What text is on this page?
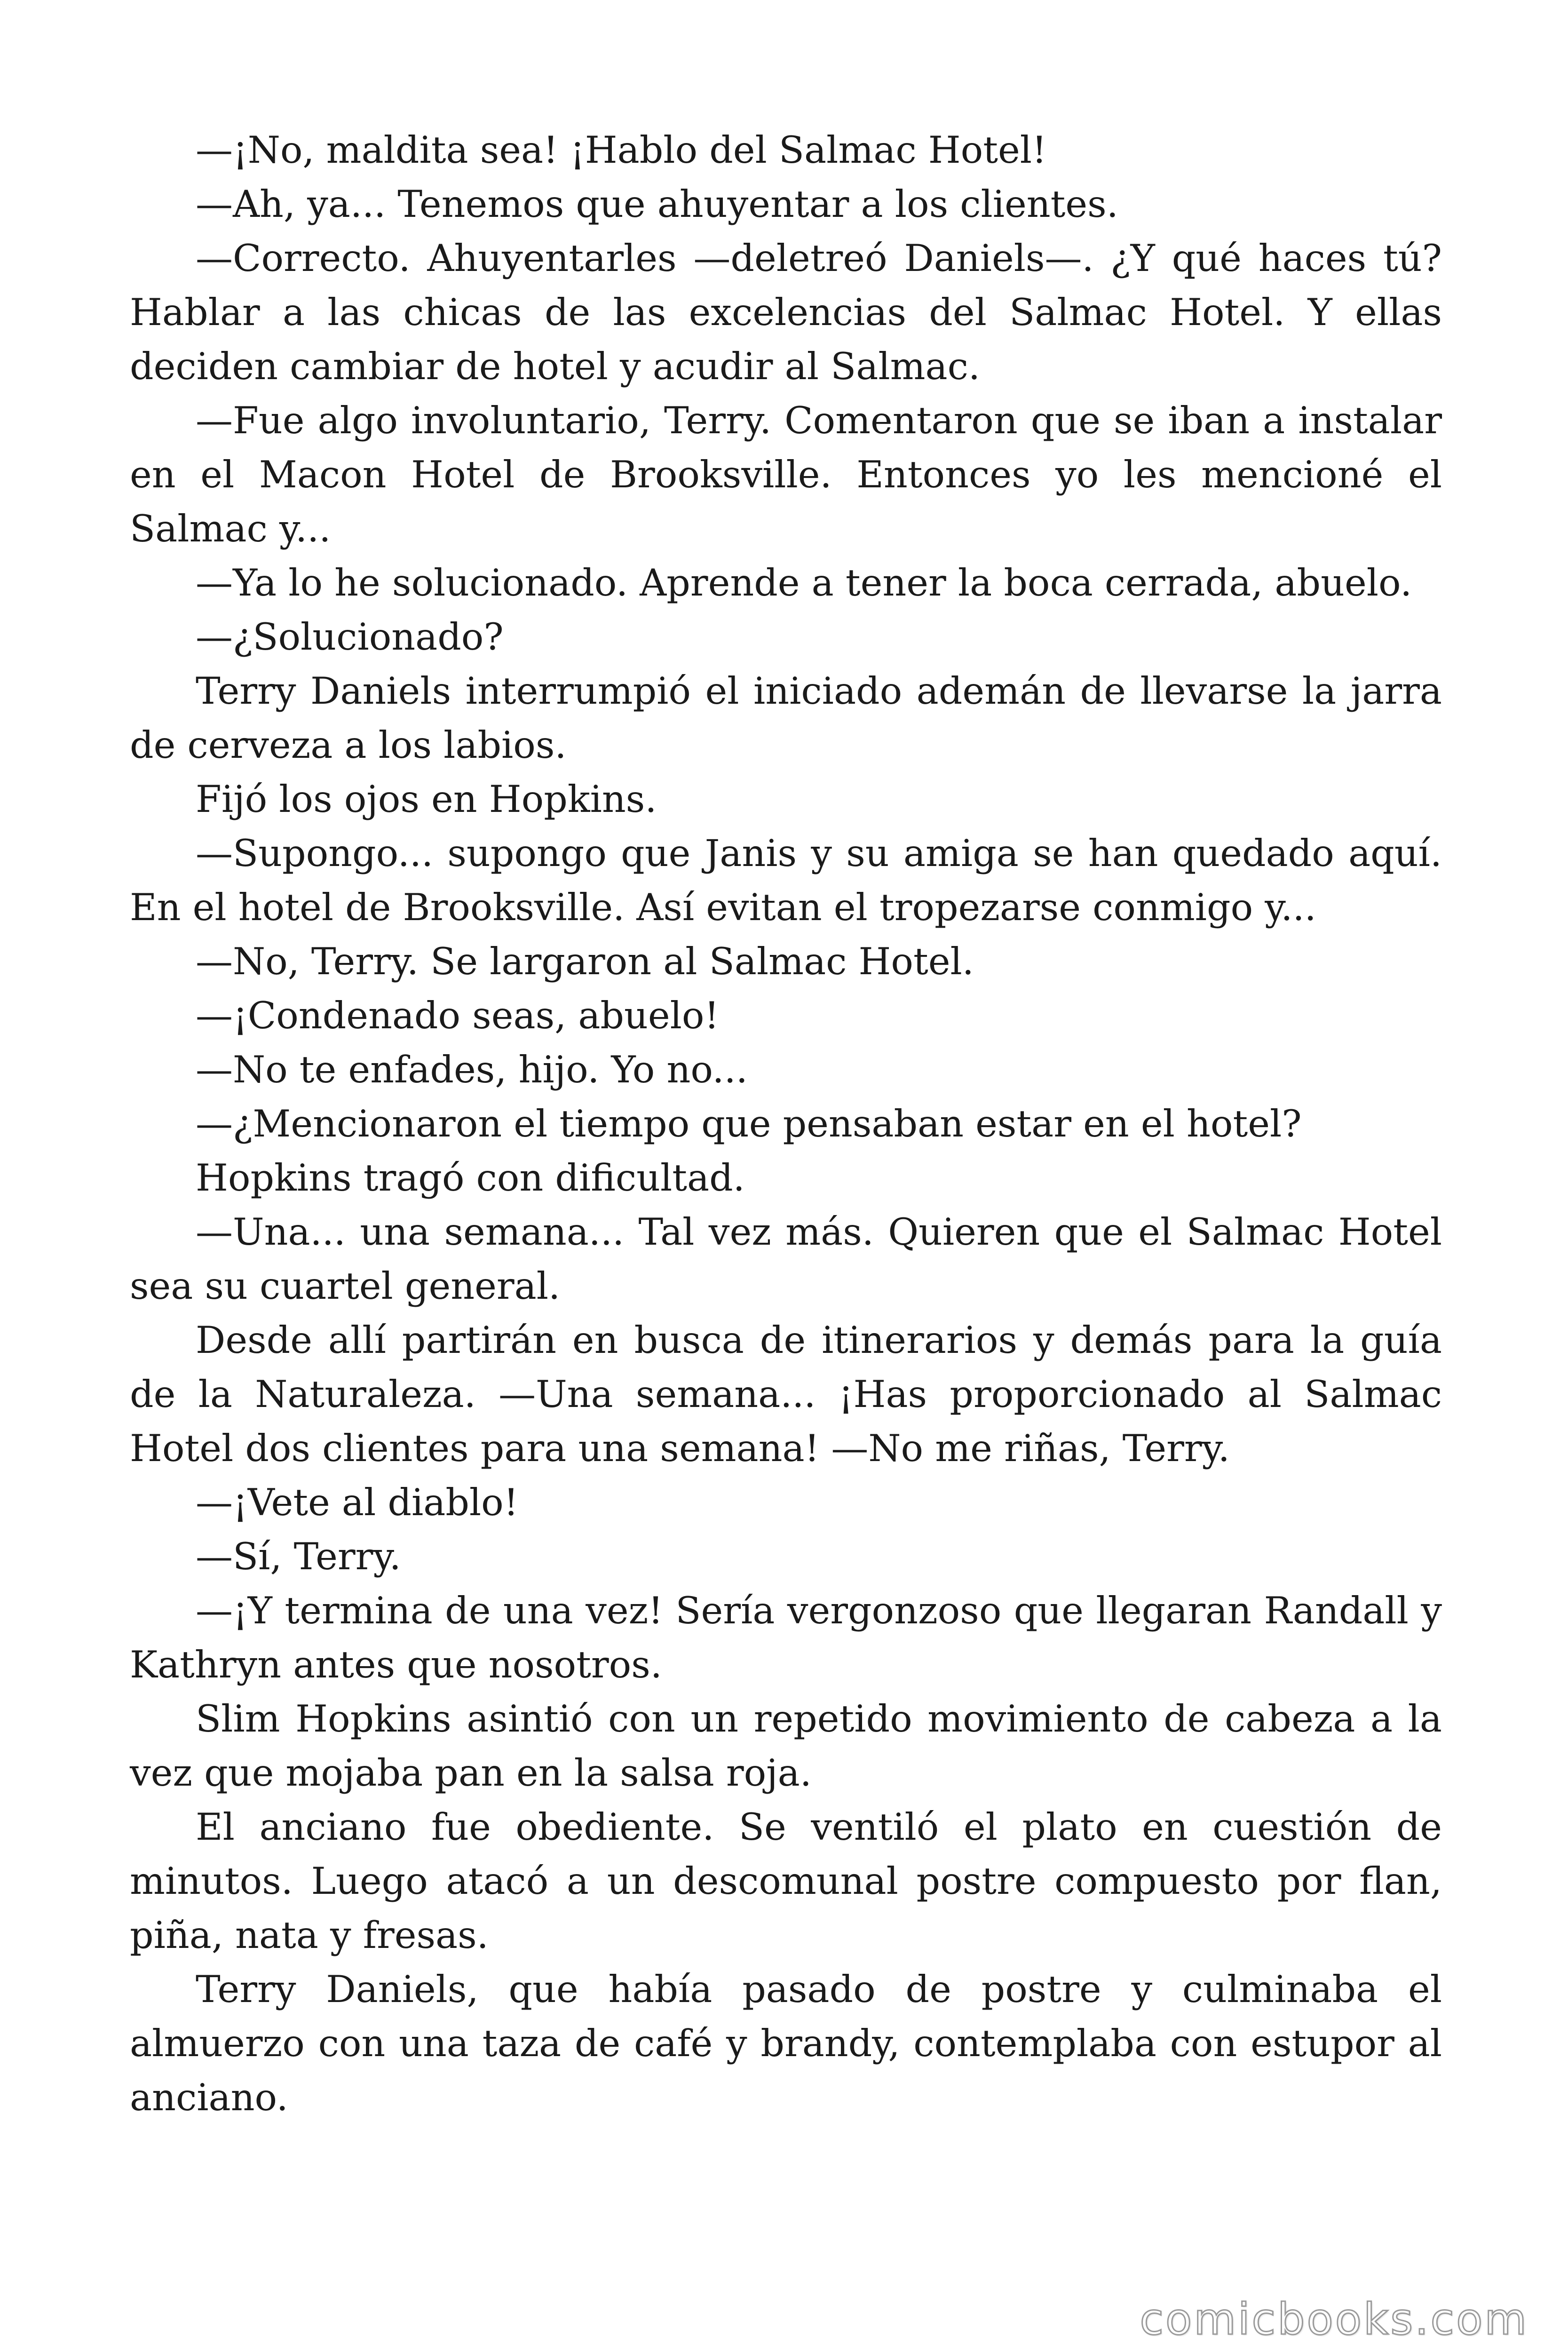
—¡No, maldita sea! ¡Hablo del Salmac Hotel!

—Ah, ya... Tenemos que ahuyentar a los clientes.

—Correcto. Ahuyentarles —deletreó Daniels—. ¿Y qué haces tú? Hablar a las chicas de las excelencias del Salmac Hotel. Y ellas deciden cambiar de hotel y acudir al Salmac.

—Fue algo involuntario, Terry. Comentaron que se iban a instalar en el Macon Hotel de Brooksville. Entonces yo les mencioné el Salmac y...

—Ya lo he solucionado. Aprende a tener la boca cerrada, abuelo.

—¿Solucionado?

Terry Daniels interrumpió el iniciado ademán de llevarse la jarra de cerveza a los labios.

Fijó los ojos en Hopkins.

—Supongo... supongo que Janis y su amiga se han quedado aquí. En el hotel de Brooksville. Así evitan el tropezarse conmigo y...

—No, Terry. Se largaron al Salmac Hotel.

—¡Condenado seas, abuelo!

—No te enfades, hijo. Yo no...

—¿Mencionaron el tiempo que pensaban estar en el hotel?

Hopkins tragó con dificultad.

—Una... una semana... Tal vez más. Quieren que el Salmac Hotel sea su cuartel general.

Desde allí partirán en busca de itinerarios y demás para la guía de la Naturaleza. —Una semana... ¡Has proporcionado al Salmac Hotel dos clientes para una semana! —No me riñas, Terry.

—¡Vete al diablo!

—Sí, Terry.

—¡Y termina de una vez! Sería vergonzoso que llegaran Randall y Kathryn antes que nosotros.

Slim Hopkins asintió con un repetido movimiento de cabeza a la vez que mojaba pan en la salsa roja.

El anciano fue obediente. Se ventiló el plato en cuestión de minutos. Luego atacó a un descomunal postre compuesto por flan, piña, nata y fresas.

Terry Daniels, que había pasado de postre y culminaba el almuerzo con una taza de café y brandy, contemplaba con estupor al anciano.

comicbooks.com
